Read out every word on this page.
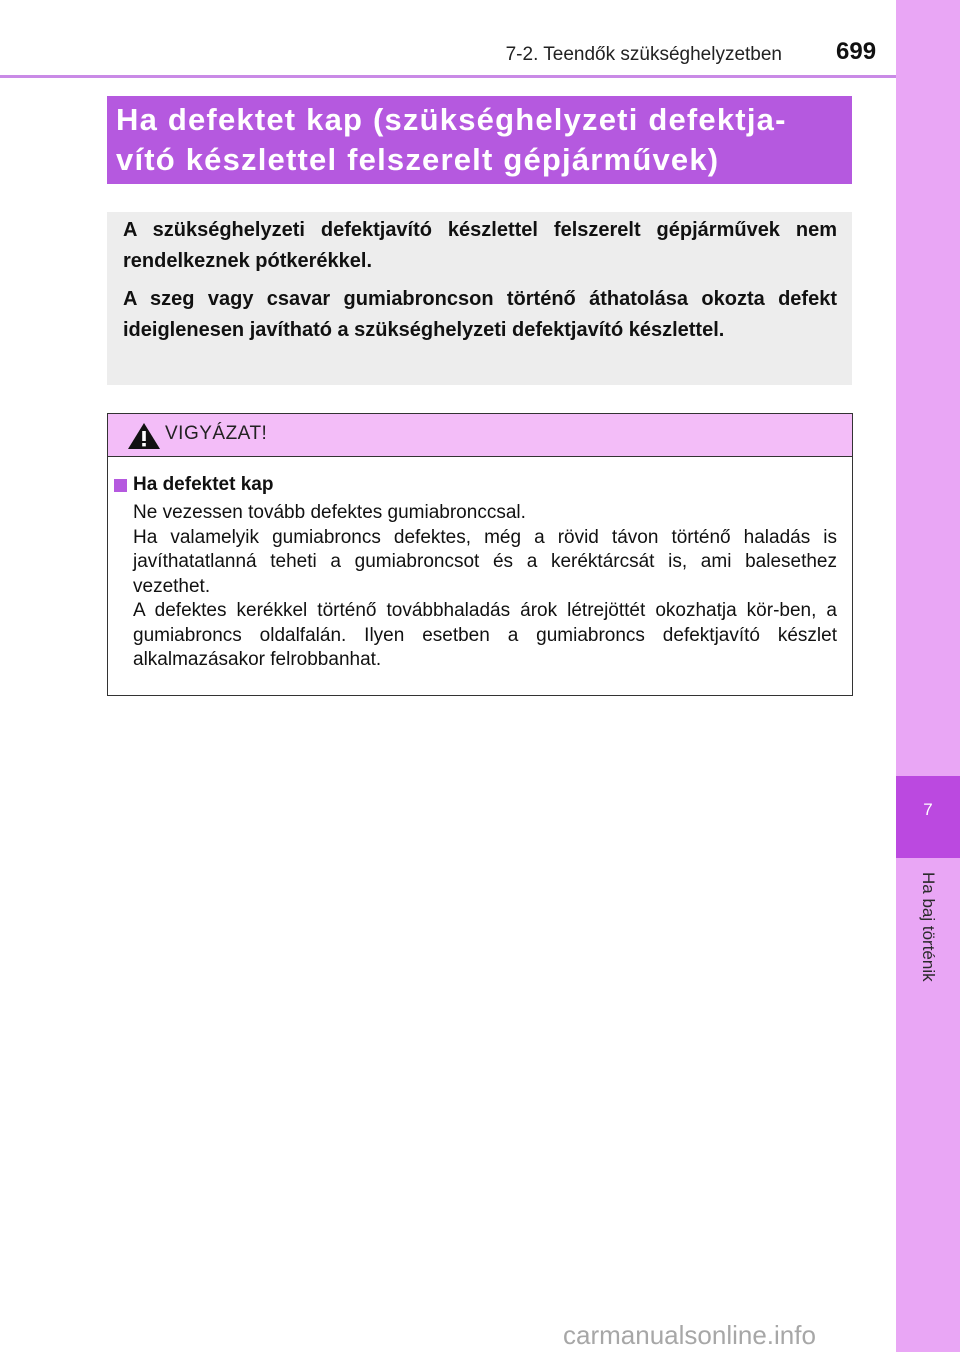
7-2. Teendők szükséghelyzetben 699
7
Ha baj történik
Ha defektet kap (szükséghelyzeti defektja-
vító készlettel felszerelt gépjárművek)

A szükséghelyzeti defektjavító készlettel felszerelt gépjárművek nem rendelkeznek pótkerékkel.

A szeg vagy csavar gumiabroncson történő áthatolása okozta defekt ideiglenesen javítható a szükséghelyzeti defektjavító készlettel.

VIGYÁZAT!
Ha defektet kap

Ne vezessen tovább defektes gumiabronccsal.

Ha valamelyik gumiabroncs defektes, még a rövid távon történő haladás is javíthatatlanná teheti a gumiabroncsot és a keréktárcsát is, ami balesethez vezethet.

A defektes kerékkel történő továbbhaladás árok létrejöttét okozhatja kör-ben, a gumiabroncs oldalfalán. Ilyen esetben a gumiabroncs defektjavító készlet alkalmazásakor felrobbanhat.

carmanualsonline.info
